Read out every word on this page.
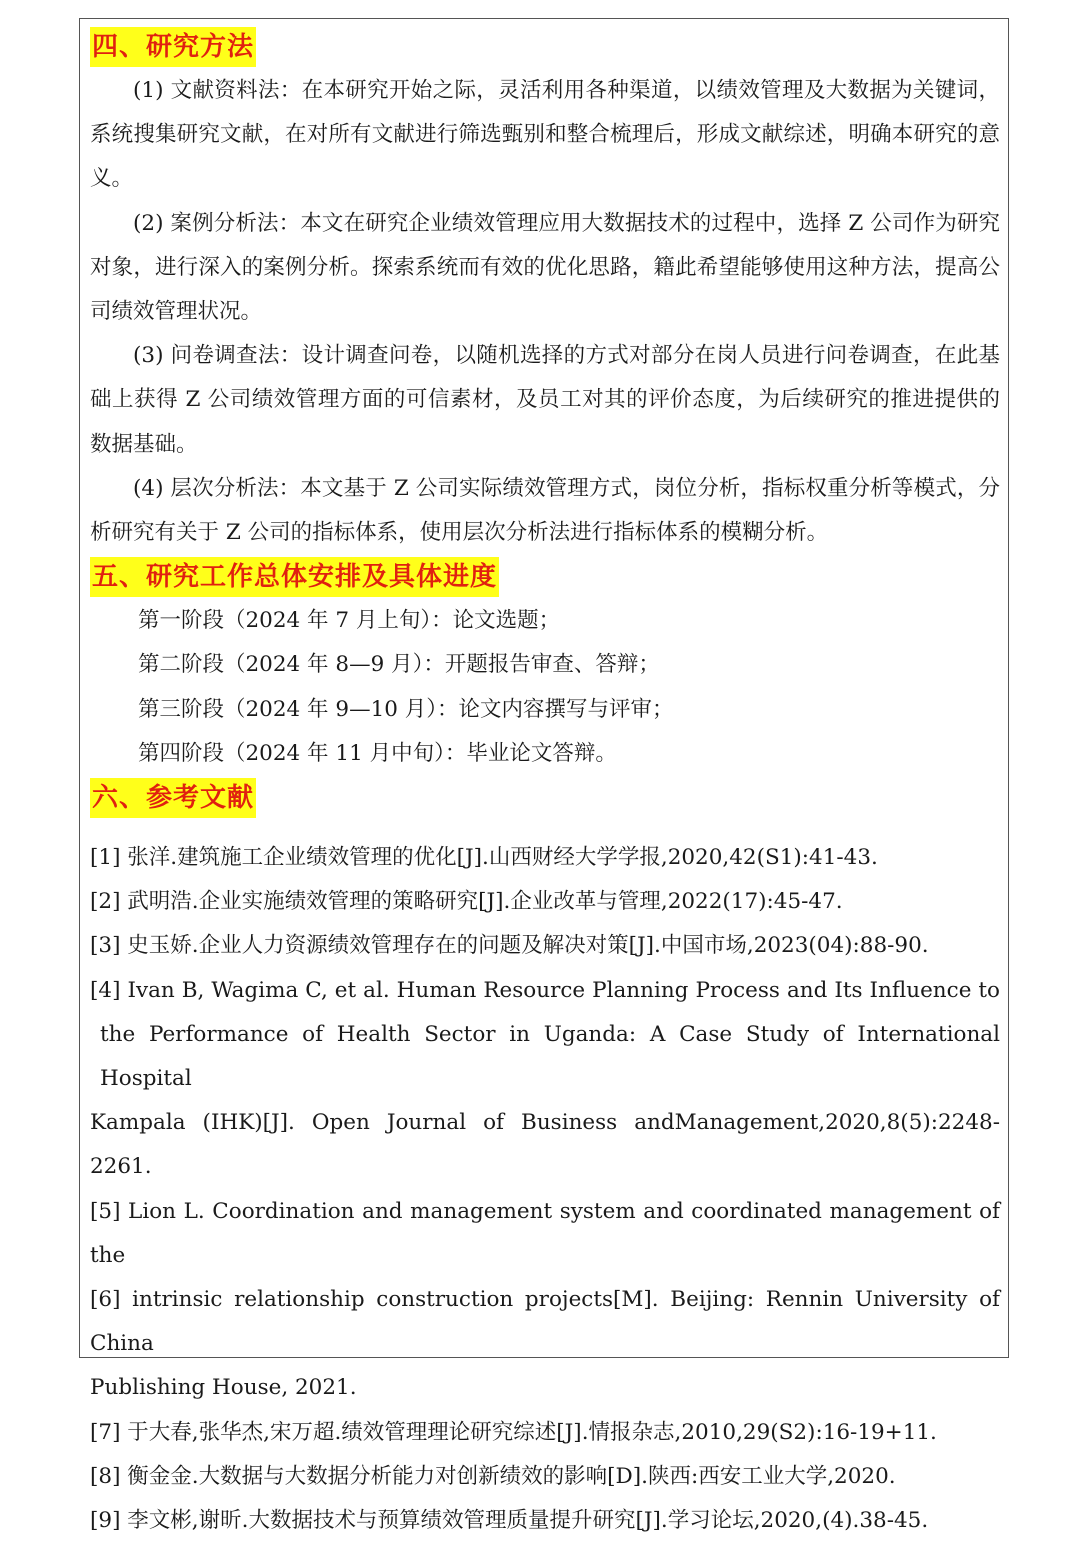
四、研究方法

(1) 文献资料法：在本研究开始之际，灵活利用各种渠道，以绩效管理及大数据为关键词，系统搜集研究文献，在对所有文献进行筛选甄别和整合梳理后，形成文献综述，明确本研究的意义。

(2) 案例分析法：本文在研究企业绩效管理应用大数据技术的过程中，选择 Z 公司作为研究对象，进行深入的案例分析。探索系统而有效的优化思路，籍此希望能够使用这种方法，提高公司绩效管理状况。

(3) 问卷调查法：设计调查问卷，以随机选择的方式对部分在岗人员进行问卷调查，在此基础上获得 Z 公司绩效管理方面的可信素材，及员工对其的评价态度，为后续研究的推进提供的数据基础。

(4) 层次分析法：本文基于 Z 公司实际绩效管理方式，岗位分析，指标权重分析等模式，分析研究有关于 Z 公司的指标体系，使用层次分析法进行指标体系的模糊分析。

五、研究工作总体安排及具体进度
第一阶段（2024 年 7 月上旬）：论文选题；
第二阶段（2024 年 8—9 月）：开题报告审查、答辩；
第三阶段（2024 年 9—10 月）：论文内容撰写与评审；
第四阶段（2024 年 11 月中旬）：毕业论文答辩。
六、参考文献

[1] 张洋.建筑施工企业绩效管理的优化[J].山西财经大学学报,2020,42(S1):41-43.

[2] 武明浩.企业实施绩效管理的策略研究[J].企业改革与管理,2022(17):45-47.

[3] 史玉娇.企业人力资源绩效管理存在的问题及解决对策[J].中国市场,2023(04):88-90.

[4] Ivan B, Wagima C, et al. Human Resource Planning Process and Its Influence to

the Performance of Health Sector in Uganda: A Case Study of International Hospital

Kampala (IHK)[J]. Open Journal of Business andManagement,2020,8(5):2248-2261.

[5] Lion L. Coordination and management system and coordinated management of the

[6] intrinsic relationship construction projects[M]. Beijing: Rennin University of China

Publishing House, 2021.

[7] 于大春,张华杰,宋万超.绩效管理理论研究综述[J].情报杂志,2010,29(S2):16-19+11.

[8] 衡金金.大数据与大数据分析能力对创新绩效的影响[D].陕西:西安工业大学,2020.

[9] 李文彬,谢昕.大数据技术与预算绩效管理质量提升研究[J].学习论坛,2020,(4).38-45.
